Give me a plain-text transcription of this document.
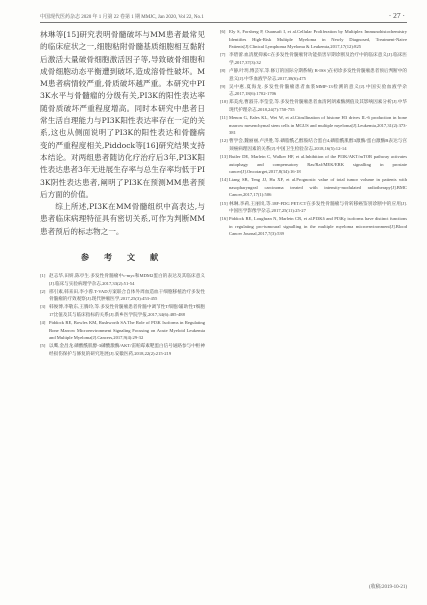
中国现代医药杂志 2020 年 1 月第 22 卷第 1 期 MMJC, Jan 2020, Vol 22, No.1	· 27 ·

林琳等[15]研究表明骨髓破坏与MM患者最常见的临床症状之一,细胞粘附骨髓基质细胞相互黏附后激活大量破骨细胞激活因子等,导致破骨细胞和成骨细胞动态平衡遭到破坏,造成溶骨性破坏。MM患者病情较严重,骨质破坏越严重。本研究中PI3K水平与骨髓瘤的分级有关,PI3K的阳性表达率随骨质破坏严重程度增高。同时本研究中患者日常生活自理能力与PI3K阳性表达率存在一定的关系,这也从侧面说明了PI3K的阳性表达和骨髓病变的严重程度相关,Piddock等[16]研究结果支持本结论。对两组患者随访化疗治疗后3年,PI3K阳性表达患者3年无进展生存率与总生存率均低于PI3K阴性表达患者,阐明了PI3K在预测MM患者预后方面的价值。

综上所述,PI3K在MM骨髓组织中高表达,与患者临床病理特征具有密切关系,可作为判断MM患者预后的标志物之一。

参 考 文 献
[1] 赵志华,田妍,陈亭生.多发性骨髓瘤中c-myc和MDM2蛋白的表达及其临床意义[J].临床与实验病理学杂志,2017,33(2):51-54
[2] 邢引素,韩来田,李小蓉.T-VAD方案联合自体外周血造血干细胞移植治疗多发性骨髓瘤的疗效观察[J].现代肿瘤医学,2017,25(3):453-455
[3] 韩俊博,李敬东,王腾玲,等.多发性骨髓瘤患者骨髓中调节性T细胞/辅助性T细胞17比值及其与临床指标的关系[J].新乡医学院学报,2017,34(6):485-488
[4] Piddock RE, Bowles KM, Rushworth SA.The Role of PI3K Isoforms in Regulating Bone Marrow Microenvironment Signaling Focusing on Acute Myeloid Leukemia and Multiple Myeloma[J].Cancers,2017,9(4):29-32
[5] 以鹰,金昌龙.磷酸酰肌醇-3磷酸激酶/AKT/雷帕霉素靶蛋白信号通路参与中枢神经损伤保护与修复的研究进展[J].安徽医药,2018,22(2):215-219
[6] Ely S, Forsberg P, Ouansafi I, et al.Cellular Proliferation by Multiplex Immunohistochemistry Identifies High-Risk Multiple Myeloma in Newly Diagnosed, Treatment-Naive Patients[J].Clinical Lymphoma Myeloma & Leukemia,2017,17(12):825
[7] 李碧蕾.血清胱抑素C在多发性骨髓瘤肾功能损害早期诊断及治疗中的临床意义[J].临床医学,2017,37(3):32
[8] 卢静,叶玥,傅芸军,等.修订的国际分期系统( R-ISS )在初诊多发性骨髓瘤患者预后判断中的意义[J].中华血液学杂志,2017,38(6):475
[9] 吴中惠,夏海龙.多发性骨髓瘤患者血浆MMP-13检测的意义[J].中国实验血液学杂志,2017,18(6):1702-1706
[10] 郑美虎,曹淑芬,李莹莹,等.多发性骨髓瘤患者血清阿朗素酶测值及其影响因素分析[J].中华现代护理杂志,2018,24(7):750-755
[11] Menon G, Eales KL, Wei W, et al.Citrullination of histone H3 drives IL-6 production in bone marrow mesenchymal stem cells in MGUS and multiple myeloma[J].Leukemia,2017,31(2):373-381
[12] 曹学会,魏丽丽,卢洪胜,等.磷脂酰乙醇胺结合蛋白4,磷脂酰肌醇3激酶/蛋白激酶B表达与宫颈癌病理因素的关系[J].中国卫生检验杂志,2018,16(5):12-14
[13] Butler DE, Marlein C, Walker HF, et al.Inhibition of the PI3K/AKT/mTOR pathway activates autophagy and compensatory Ras/Raf/MEK/ERK signalling in prostate cancer[J].Oncotarget,2017,8(34):16-18
[14] Liang SB, Teng JJ, Hu XF, et al.Prognostic value of total tumor volume in patients with nasopharyngeal carcinoma treated with intensity-modulated radiotherapy[J].BMC Cancer,2017,17(1):506
[15] 林琳,李莉,王丽岚,等.18F-FDG PET/CT在多发性骨髓瘤与骨转移癌鉴别诊断中的应用[J].中国医学影像学杂志,2017,25(11):25-27
[16] Piddock RE, Loughran N, Marlein CR, et al.PI3Kδ and PI3Kγ isoforms have distinct functions in regulating pro-tumoural signalling in the multiple myeloma microenvironment[J].Blood Cancer Journal,2017,7(3):539
(收稿:2019-10-21)
